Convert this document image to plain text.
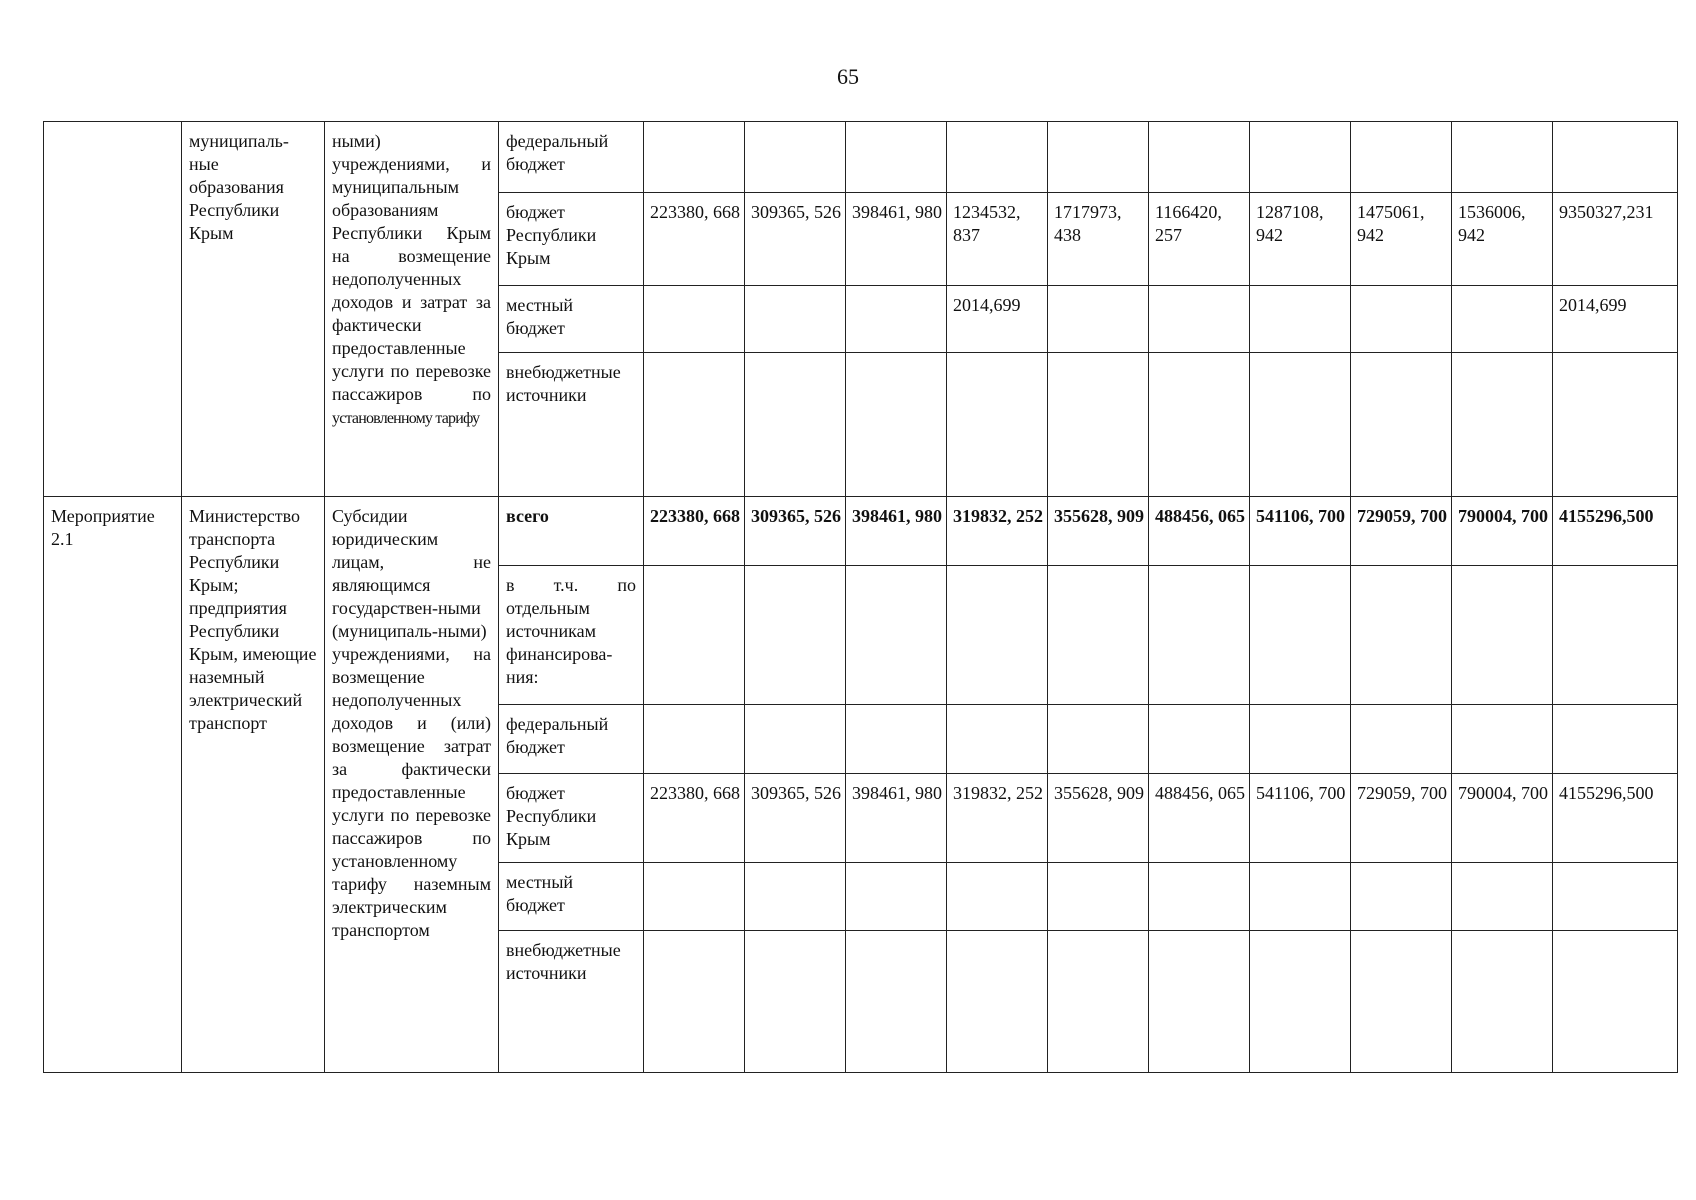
65
	муниципаль-ные образования Республики Крым	ными) учреждениями, и муниципальным образованиям Республики Крым на возмещение недополученных доходов и затрат за фактически предоставленные услуги по перевозке пассажиров по установленному тарифу	федеральный бюджет										
			бюджет Республики Крым	223380, 668	309365, 526	398461, 980	1234532, 837	1717973, 438	1166420, 257	1287108, 942	1475061, 942	1536006, 942	9350327,231
			местный бюджет				2014,699						2014,699
			внебюджетные источники										
Мероприятие 2.1	Министерство транспорта Республики Крым; предприятия Республики Крым, имеющие наземный электрический транспорт	Субсидии юридическим лицам, не являющимся государствен-ными (муниципаль-ными) учреждениями, на возмещение недополученных доходов и (или) возмещение затрат за фактически предоставленные услуги по перевозке пассажиров по установленному тарифу наземным электрическим транспортом	всего	223380, 668	309365, 526	398461, 980	319832, 252	355628, 909	488456, 065	541106, 700	729059, 700	790004, 700	4155296,500
			в т.ч. по отдельным источникам финансирова-ния:										
			федеральный бюджет										
			бюджет Республики Крым	223380, 668	309365, 526	398461, 980	319832, 252	355628, 909	488456, 065	541106, 700	729059, 700	790004, 700	4155296,500
			местный бюджет										
			внебюджетные источники										
